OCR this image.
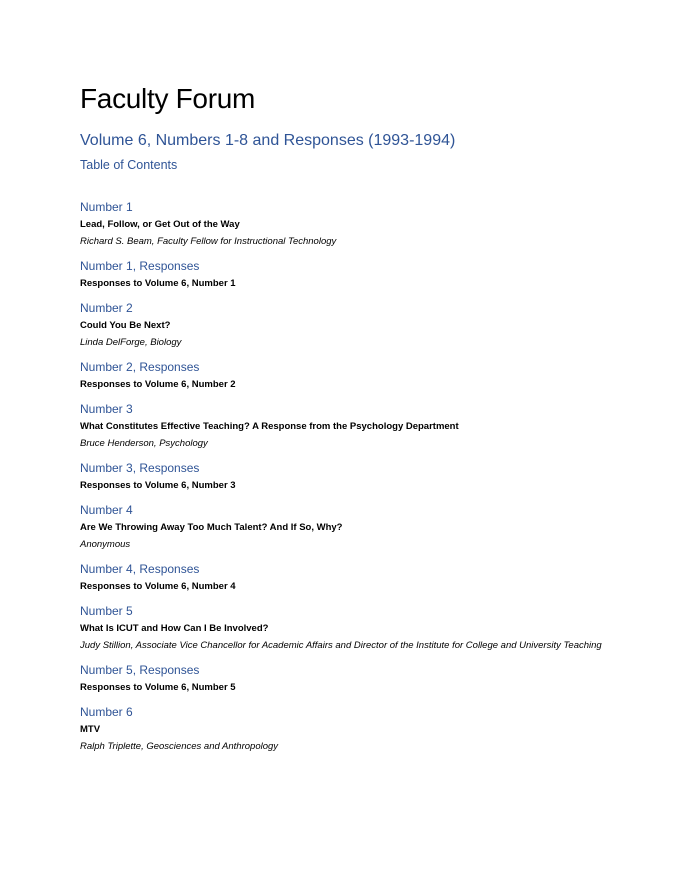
Faculty Forum
Volume 6, Numbers 1-8 and Responses (1993-1994)
Table of Contents
Number 1
Lead, Follow, or Get Out of the Way
Richard S. Beam, Faculty Fellow for Instructional Technology
Number 1, Responses
Responses to Volume 6, Number 1
Number 2
Could You Be Next?
Linda DelForge, Biology
Number 2, Responses
Responses to Volume 6, Number 2
Number 3
What Constitutes Effective Teaching? A Response from the Psychology Department
Bruce Henderson, Psychology
Number 3, Responses
Responses to Volume 6, Number 3
Number 4
Are We Throwing Away Too Much Talent? And If So, Why?
Anonymous
Number 4, Responses
Responses to Volume 6, Number 4
Number 5
What Is ICUT and How Can I Be Involved?
Judy Stillion, Associate Vice Chancellor for Academic Affairs and Director of the Institute for College and University Teaching
Number 5, Responses
Responses to Volume 6, Number 5
Number 6
MTV
Ralph Triplette, Geosciences and Anthropology
